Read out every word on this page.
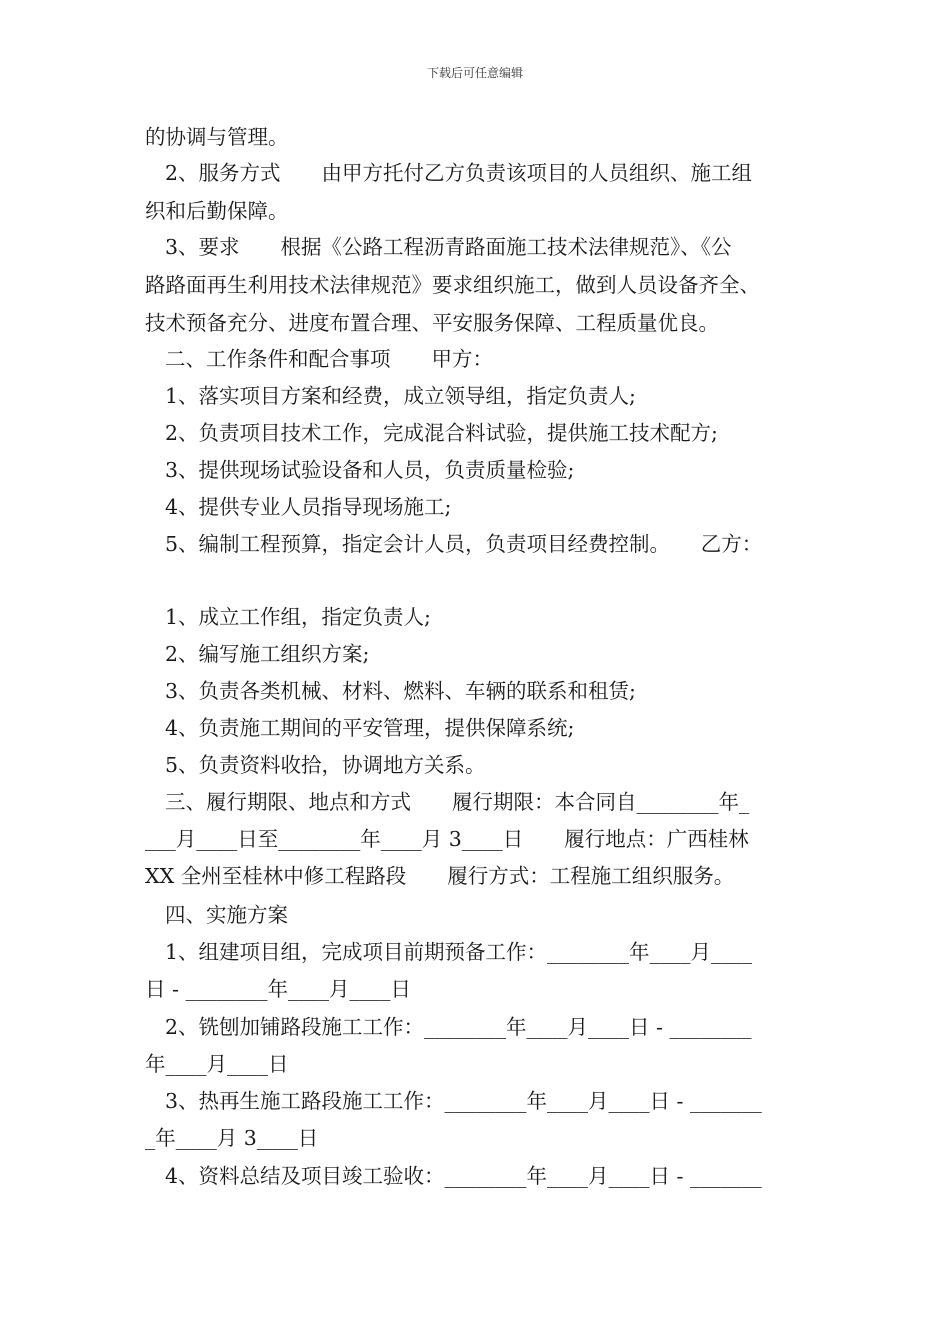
下载后可任意编辑
的协调与管理。
2、服务方式　　由甲方托付乙方负责该项目的人员组织、施工组
织和后勤保障。
3、要求　　根据《公路工程沥青路面施工技术法律规范》、《公
路路面再生利用技术法律规范》要求组织施工，做到人员设备齐全、
技术预备充分、进度布置合理、平安服务保障、工程质量优良。
二、工作条件和配合事项　　甲方：
1、落实项目方案和经费，成立领导组，指定负责人;
2、负责项目技术工作，完成混合料试验，提供施工技术配方;
3、提供现场试验设备和人员，负责质量检验;
4、提供专业人员指导现场施工;
5、编制工程预算，指定会计人员，负责项目经费控制。　　乙方：
1、成立工作组，指定负责人;
2、编写施工组织方案;
3、负责各类机械、材料、燃料、车辆的联系和租赁;
4、负责施工期间的平安管理，提供保障系统;
5、负责资料收拾，协调地方关系。
三、履行期限、地点和方式　　履行期限：本合同自________年_
___月____日至________年____月 3____日　　履行地点：广西桂林
XX 全州至桂林中修工程路段　　履行方式：工程施工组织服务。
四、实施方案
1、组建项目组，完成项目前期预备工作：________年____月____
日 - ________年____月____日
2、铣刨加铺路段施工工作：________年____月____日 - ________
年____月____日
3、热再生施工路段施工工作：________年____月____日 - _______
_年____月 3____日
4、资料总结及项目竣工验收：________年____月____日 - _______
